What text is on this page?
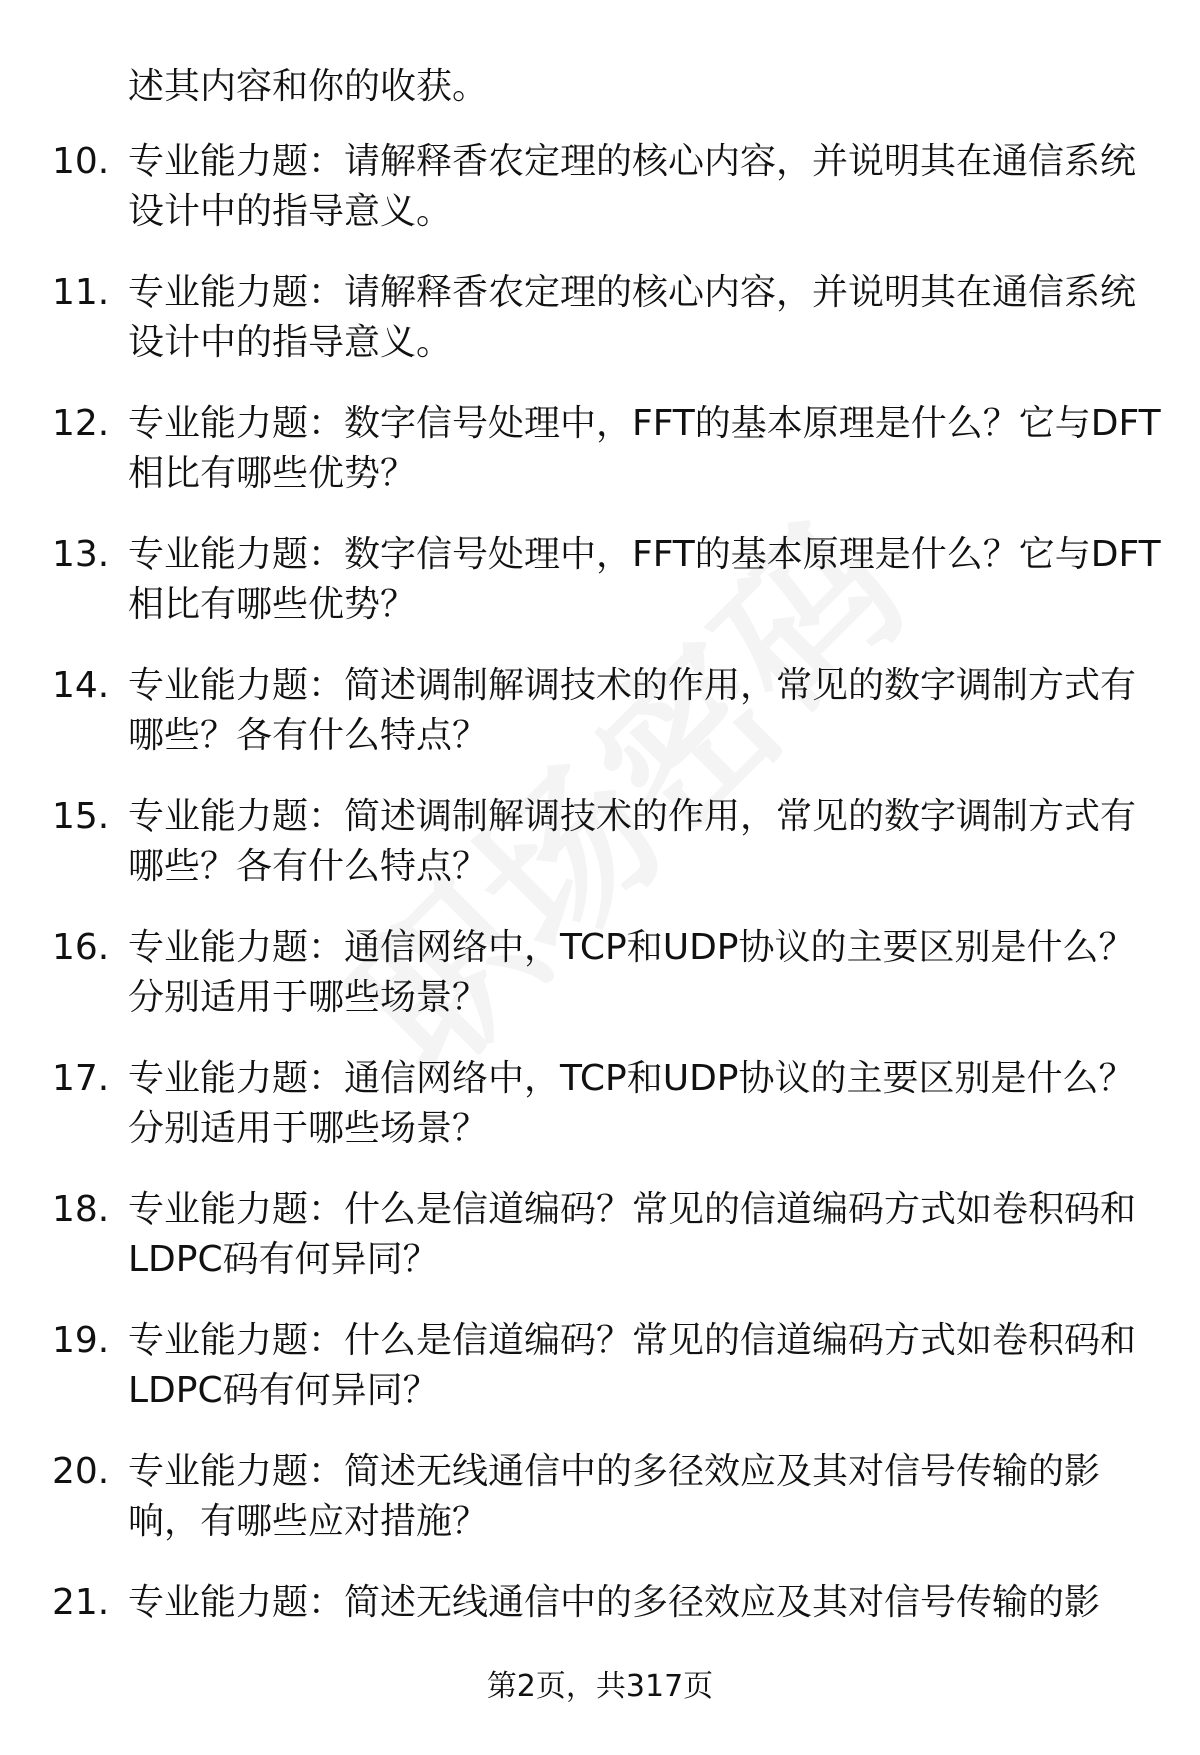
述其内容和你的收获。
10. 专业能力题：请解释香农定理的核心内容，并说明其在通信系统
设计中的指导意义。
11. 专业能力题：请解释香农定理的核心内容，并说明其在通信系统
设计中的指导意义。
12. 专业能力题：数字信号处理中，FFT的基本原理是什么？它与DFT
相比有哪些优势？
13. 专业能力题：数字信号处理中，FFT的基本原理是什么？它与DFT
相比有哪些优势？
14. 专业能力题：简述调制解调技术的作用，常见的数字调制方式有
哪些？各有什么特点？
15. 专业能力题：简述调制解调技术的作用，常见的数字调制方式有
哪些？各有什么特点？
16. 专业能力题：通信网络中，TCP和UDP协议的主要区别是什么？
分别适用于哪些场景？
17. 专业能力题：通信网络中，TCP和UDP协议的主要区别是什么？
分别适用于哪些场景？
18. 专业能力题：什么是信道编码？常见的信道编码方式如卷积码和
LDPC码有何异同？
19. 专业能力题：什么是信道编码？常见的信道编码方式如卷积码和
LDPC码有何异同？
20. 专业能力题：简述无线通信中的多径效应及其对信号传输的影
响，有哪些应对措施？
21. 专业能力题：简述无线通信中的多径效应及其对信号传输的影
第2页，共317页
